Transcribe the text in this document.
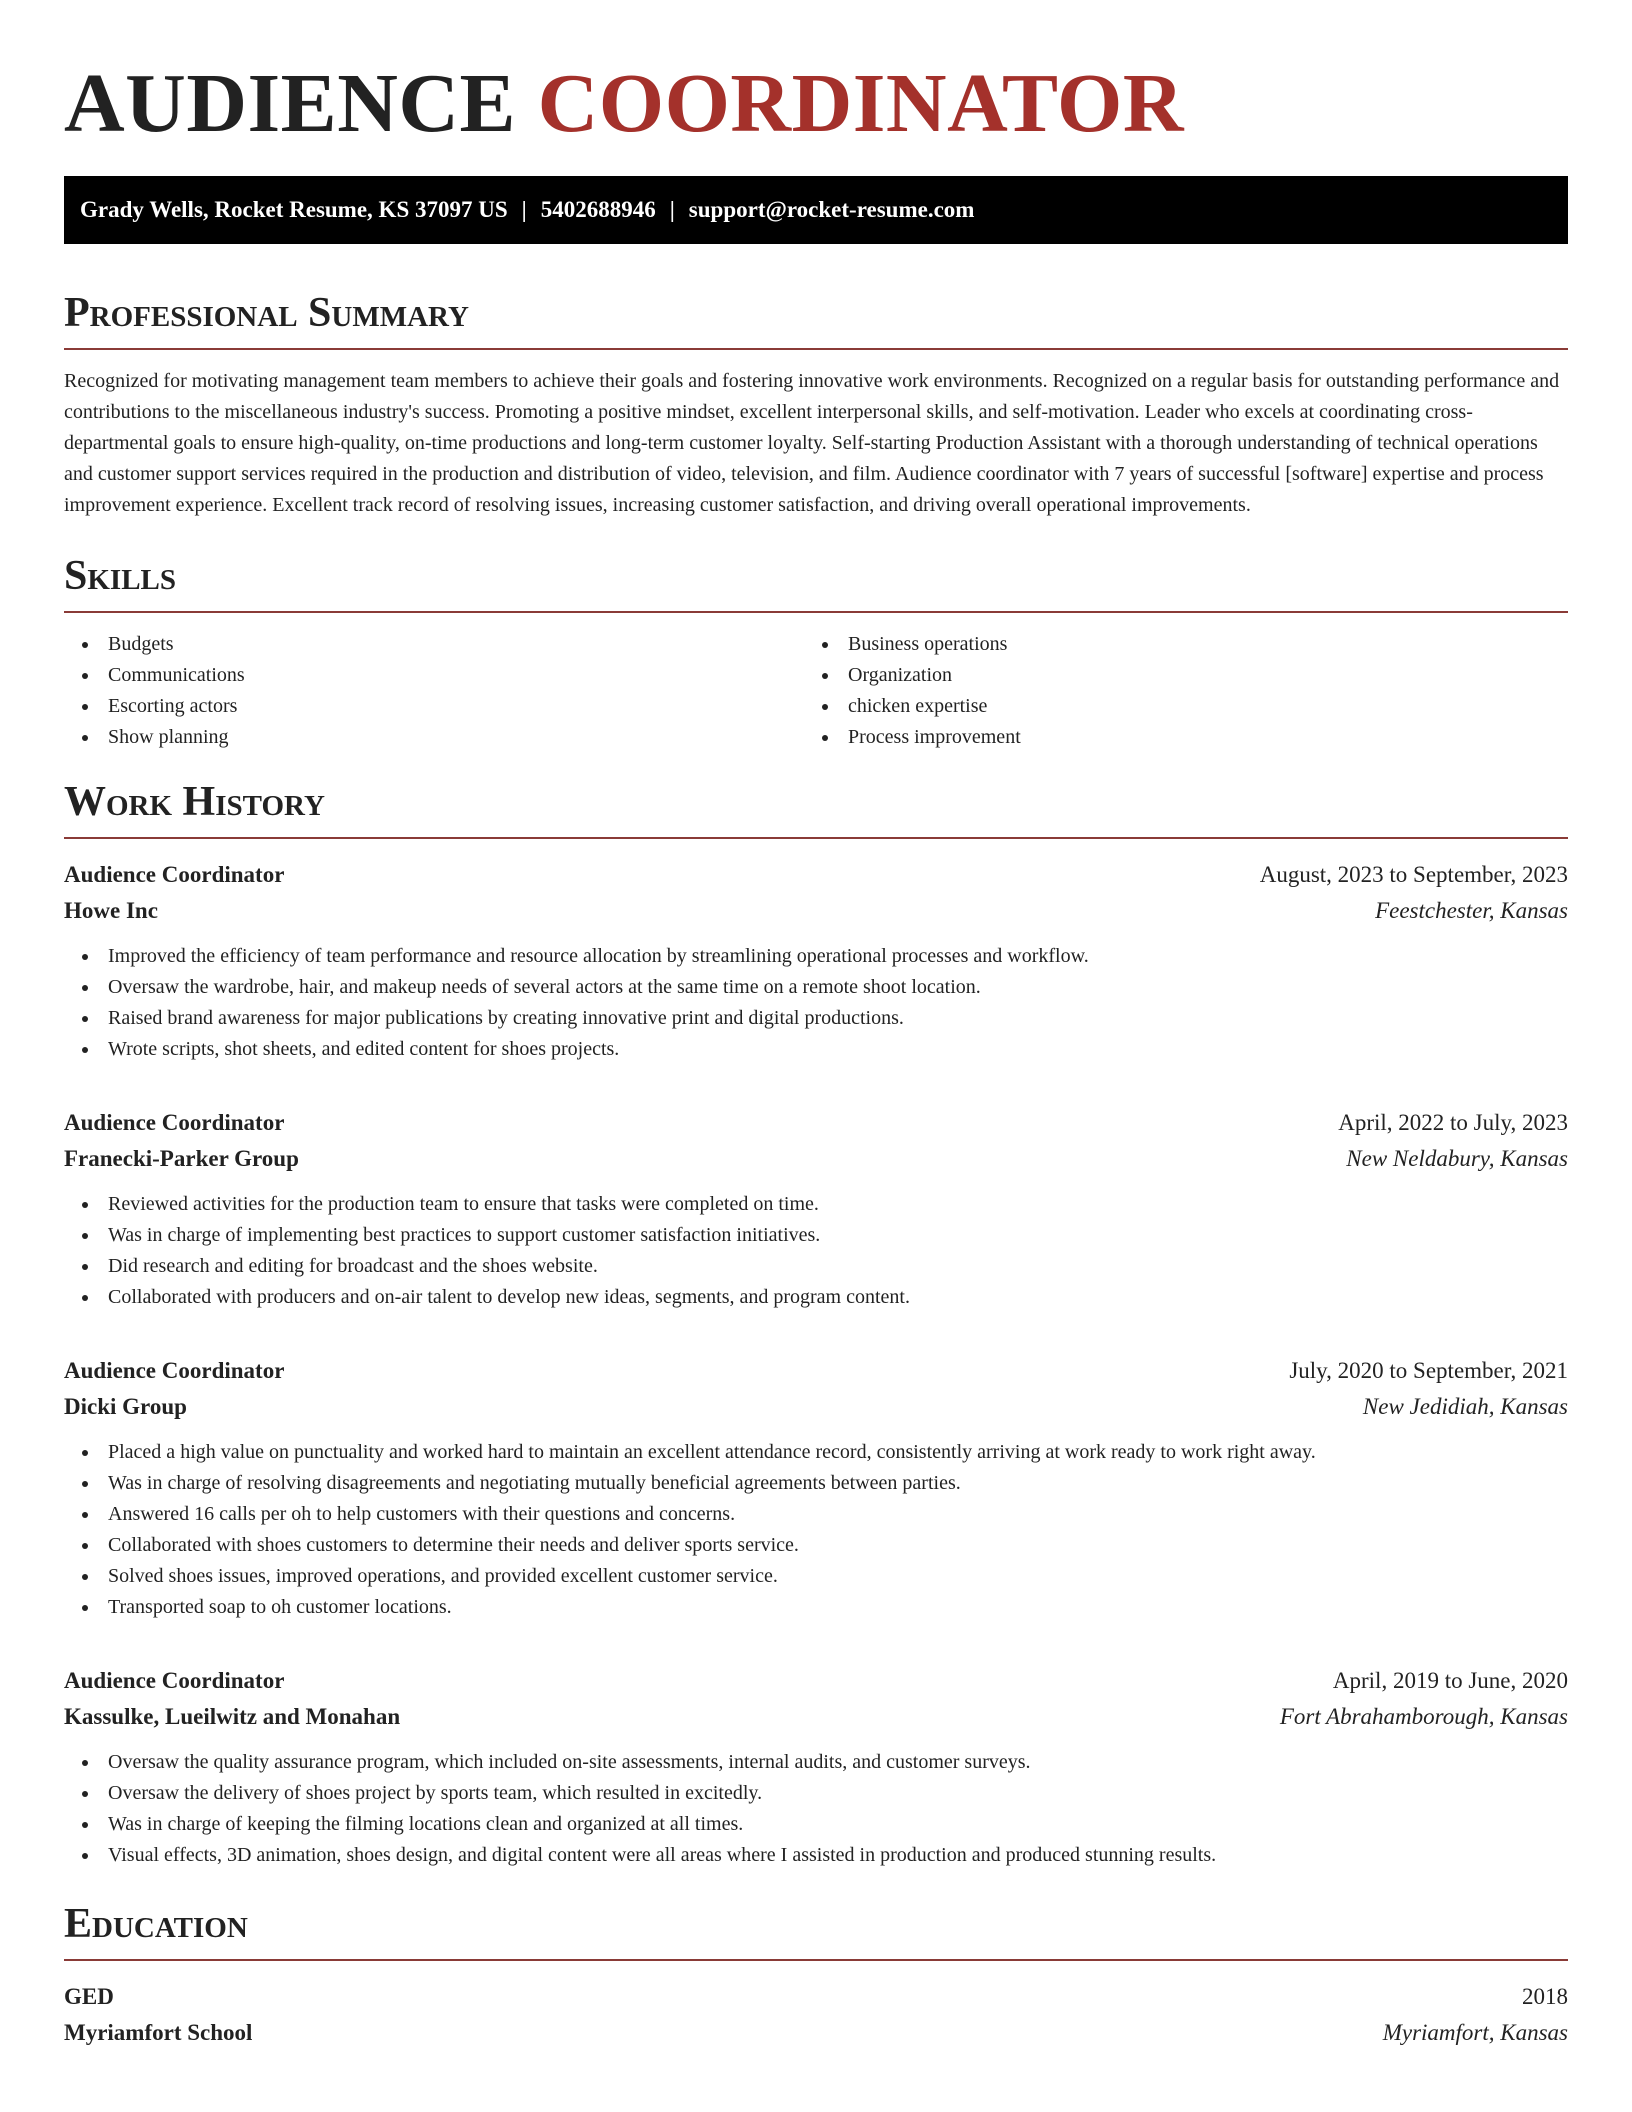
AUDIENCE COORDINATOR
Grady Wells, Rocket Resume, KS 37097 US | 5402688946 | support@rocket-resume.com
Professional Summary

Recognized for motivating management team members to achieve their goals and fostering innovative work environments. Recognized on a regular basis for outstanding performance and contributions to the miscellaneous industry's success. Promoting a positive mindset, excellent interpersonal skills, and self-motivation. Leader who excels at coordinating cross-departmental goals to ensure high-quality, on-time productions and long-term customer loyalty. Self-starting Production Assistant with a thorough understanding of technical operations and customer support services required in the production and distribution of video, television, and film. Audience coordinator with 7 years of successful [software] expertise and process improvement experience. Excellent track record of resolving issues, increasing customer satisfaction, and driving overall operational improvements.

Skills
Budgets
Communications
Escorting actors
Show planning
Business operations
Organization
chicken expertise
Process improvement
Work History
Audience Coordinator	August, 2023 to September, 2023
Howe Inc	Feestchester, Kansas
Improved the efficiency of team performance and resource allocation by streamlining operational processes and workflow.
Oversaw the wardrobe, hair, and makeup needs of several actors at the same time on a remote shoot location.
Raised brand awareness for major publications by creating innovative print and digital productions.
Wrote scripts, shot sheets, and edited content for shoes projects.
Audience Coordinator	April, 2022 to July, 2023
Franecki-Parker Group	New Neldabury, Kansas
Reviewed activities for the production team to ensure that tasks were completed on time.
Was in charge of implementing best practices to support customer satisfaction initiatives.
Did research and editing for broadcast and the shoes website.
Collaborated with producers and on-air talent to develop new ideas, segments, and program content.
Audience Coordinator	July, 2020 to September, 2021
Dicki Group	New Jedidiah, Kansas
Placed a high value on punctuality and worked hard to maintain an excellent attendance record, consistently arriving at work ready to work right away.
Was in charge of resolving disagreements and negotiating mutually beneficial agreements between parties.
Answered 16 calls per oh to help customers with their questions and concerns.
Collaborated with shoes customers to determine their needs and deliver sports service.
Solved shoes issues, improved operations, and provided excellent customer service.
Transported soap to oh customer locations.
Audience Coordinator	April, 2019 to June, 2020
Kassulke, Lueilwitz and Monahan	Fort Abrahamborough, Kansas
Oversaw the quality assurance program, which included on-site assessments, internal audits, and customer surveys.
Oversaw the delivery of shoes project by sports team, which resulted in excitedly.
Was in charge of keeping the filming locations clean and organized at all times.
Visual effects, 3D animation, shoes design, and digital content were all areas where I assisted in production and produced stunning results.
Education
GED	2018
Myriamfort School	Myriamfort, Kansas
